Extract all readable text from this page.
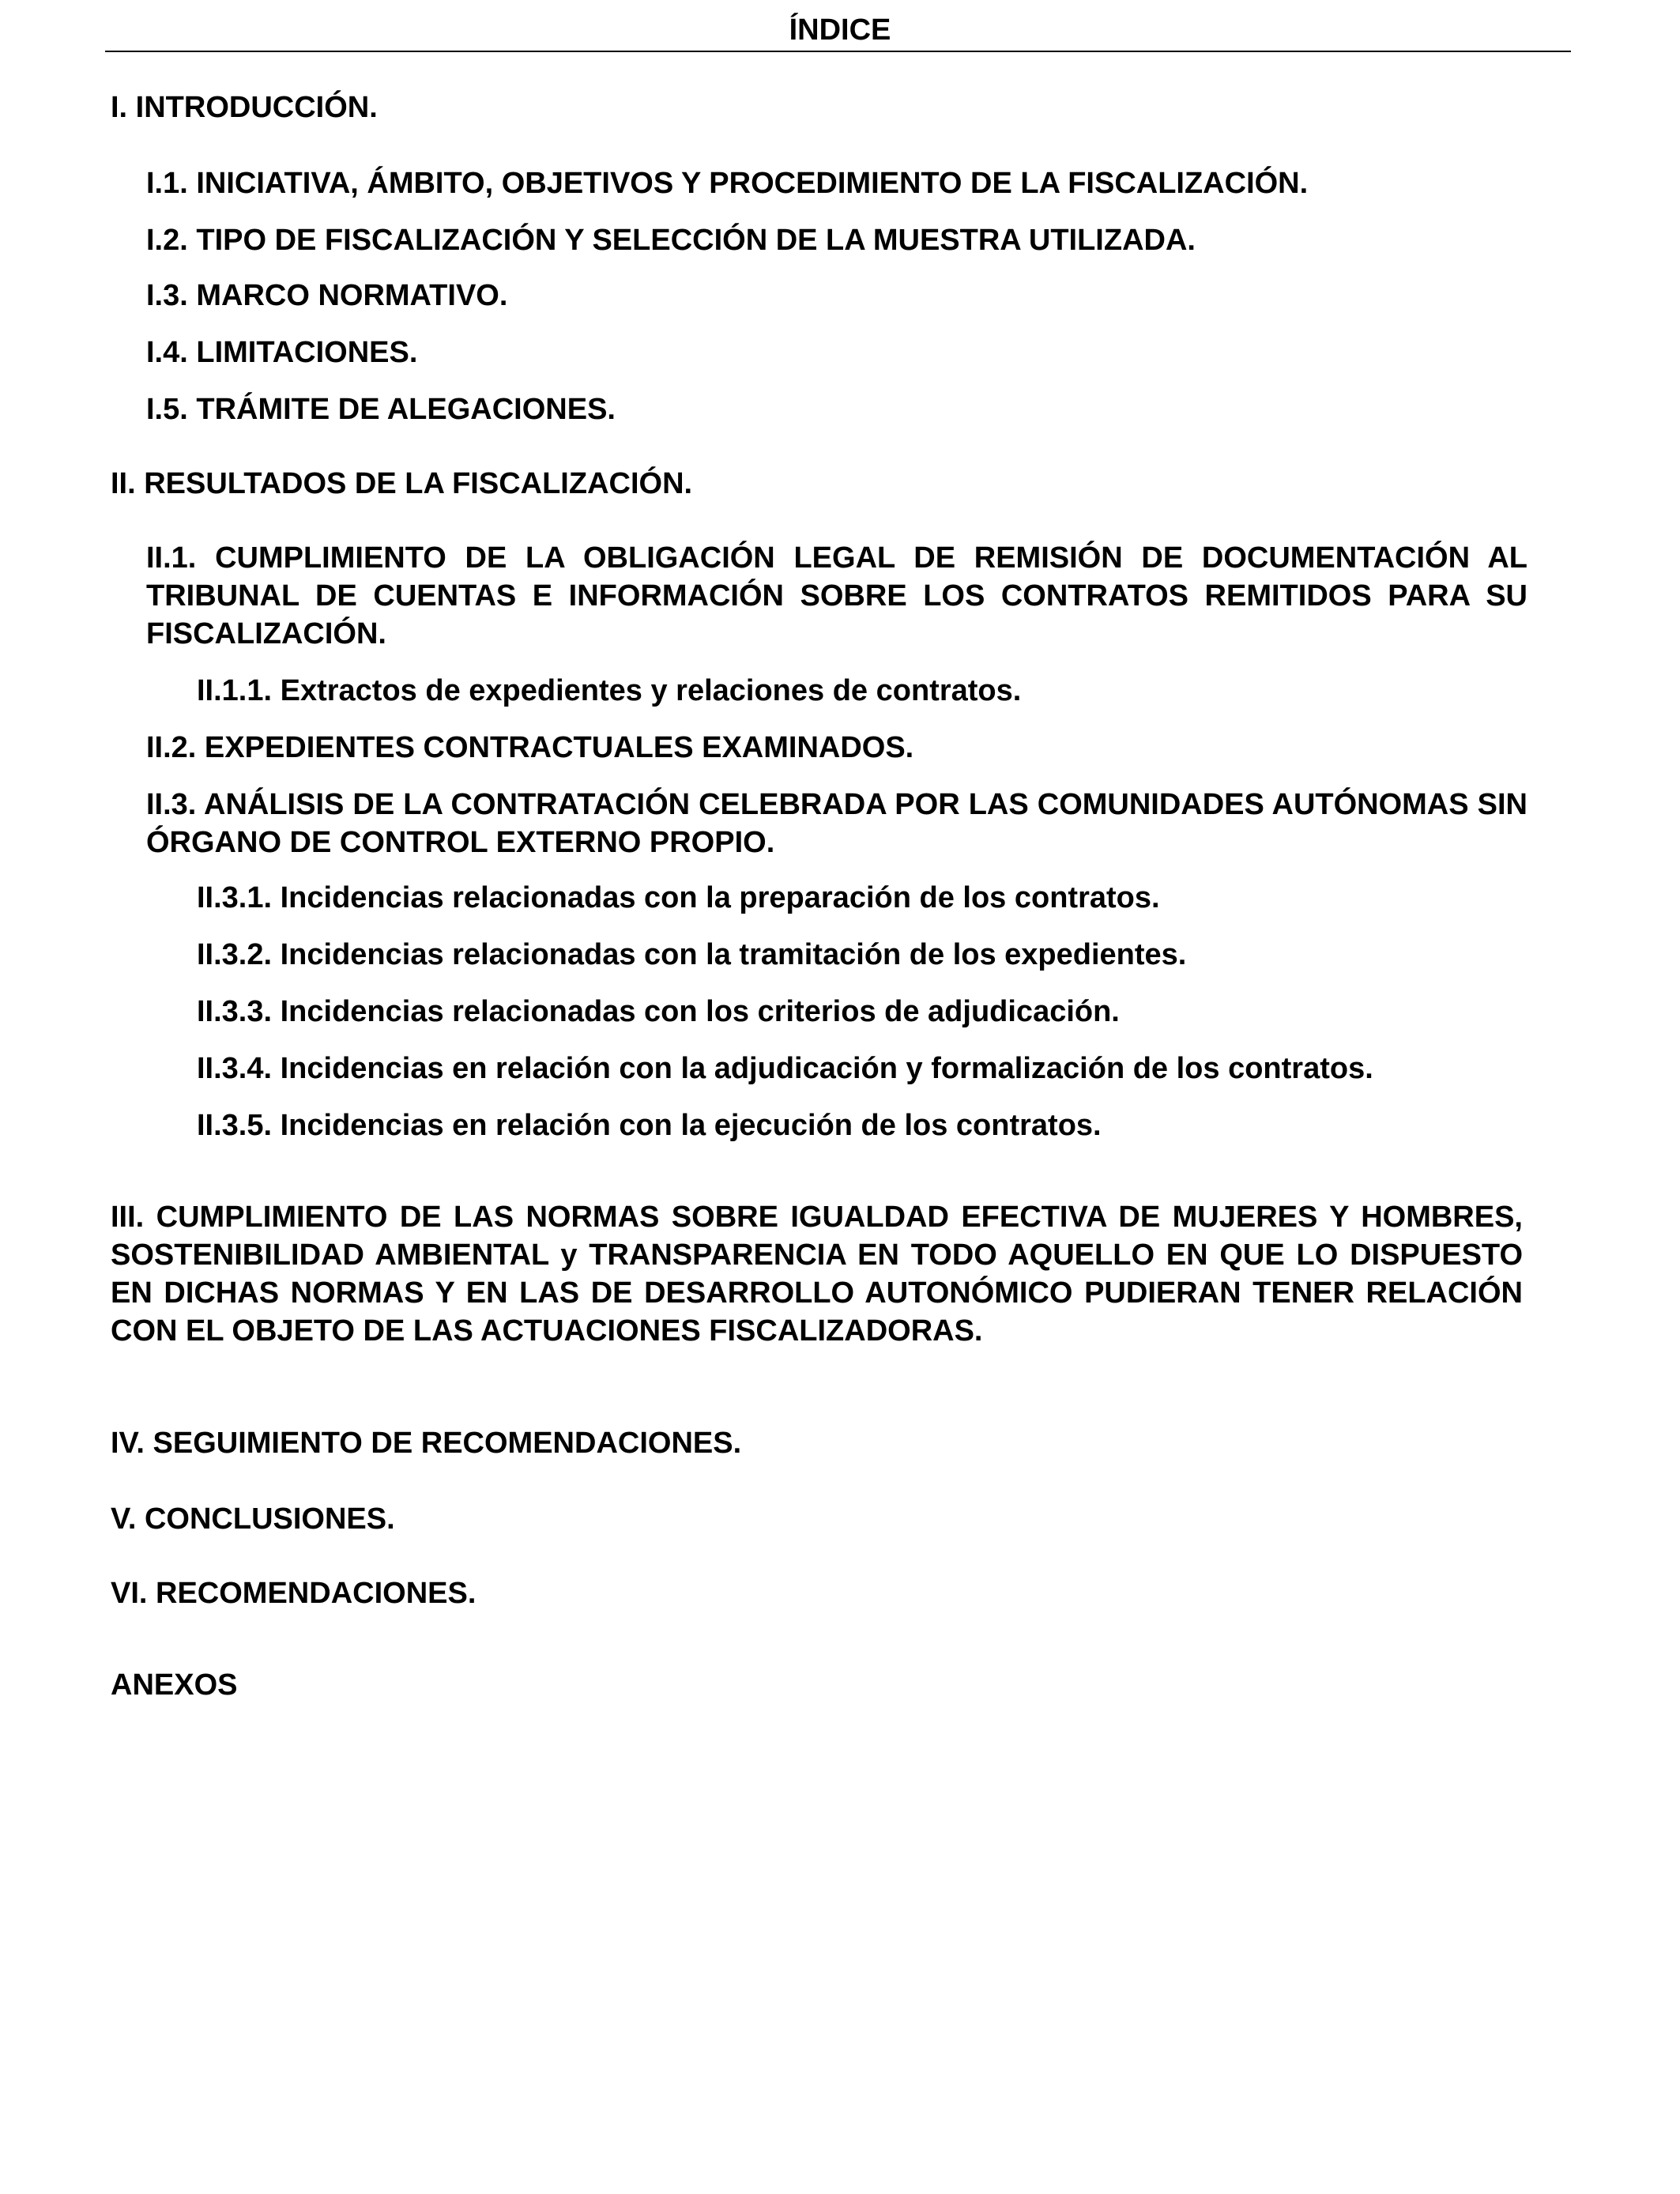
ÍNDICE

I. INTRODUCCIÓN.

I.1. INICIATIVA, ÁMBITO, OBJETIVOS Y PROCEDIMIENTO DE LA FISCALIZACIÓN.

I.2. TIPO DE FISCALIZACIÓN Y SELECCIÓN DE LA MUESTRA UTILIZADA.

I.3. MARCO NORMATIVO.

I.4. LIMITACIONES.

I.5. TRÁMITE DE ALEGACIONES.

II. RESULTADOS DE LA FISCALIZACIÓN.

II.1. CUMPLIMIENTO DE LA OBLIGACIÓN LEGAL DE REMISIÓN DE DOCUMENTACIÓN AL TRIBUNAL DE CUENTAS E INFORMACIÓN SOBRE LOS CONTRATOS REMITIDOS PARA SU FISCALIZACIÓN.

II.1.1. Extractos de expedientes y relaciones de contratos.

II.2. EXPEDIENTES CONTRACTUALES EXAMINADOS.

II.3. ANÁLISIS DE LA CONTRATACIÓN CELEBRADA POR LAS COMUNIDADES AUTÓNOMAS SIN ÓRGANO DE CONTROL EXTERNO PROPIO.

II.3.1. Incidencias relacionadas con la preparación de los contratos.

II.3.2. Incidencias relacionadas con la tramitación de los expedientes.

II.3.3. Incidencias relacionadas con los criterios de adjudicación.

II.3.4. Incidencias en relación con la adjudicación y formalización de los contratos.

II.3.5. Incidencias en relación con la ejecución de los contratos.

III. CUMPLIMIENTO DE LAS NORMAS SOBRE IGUALDAD EFECTIVA DE MUJERES Y HOMBRES, SOSTENIBILIDAD AMBIENTAL y TRANSPARENCIA EN TODO AQUELLO EN QUE LO DISPUESTO EN DICHAS NORMAS Y EN LAS DE DESARROLLO AUTONÓMICO PUDIERAN TENER RELACIÓN CON EL OBJETO DE LAS ACTUACIONES FISCALIZADORAS.

IV. SEGUIMIENTO DE RECOMENDACIONES.

V. CONCLUSIONES.

VI. RECOMENDACIONES.

ANEXOS
